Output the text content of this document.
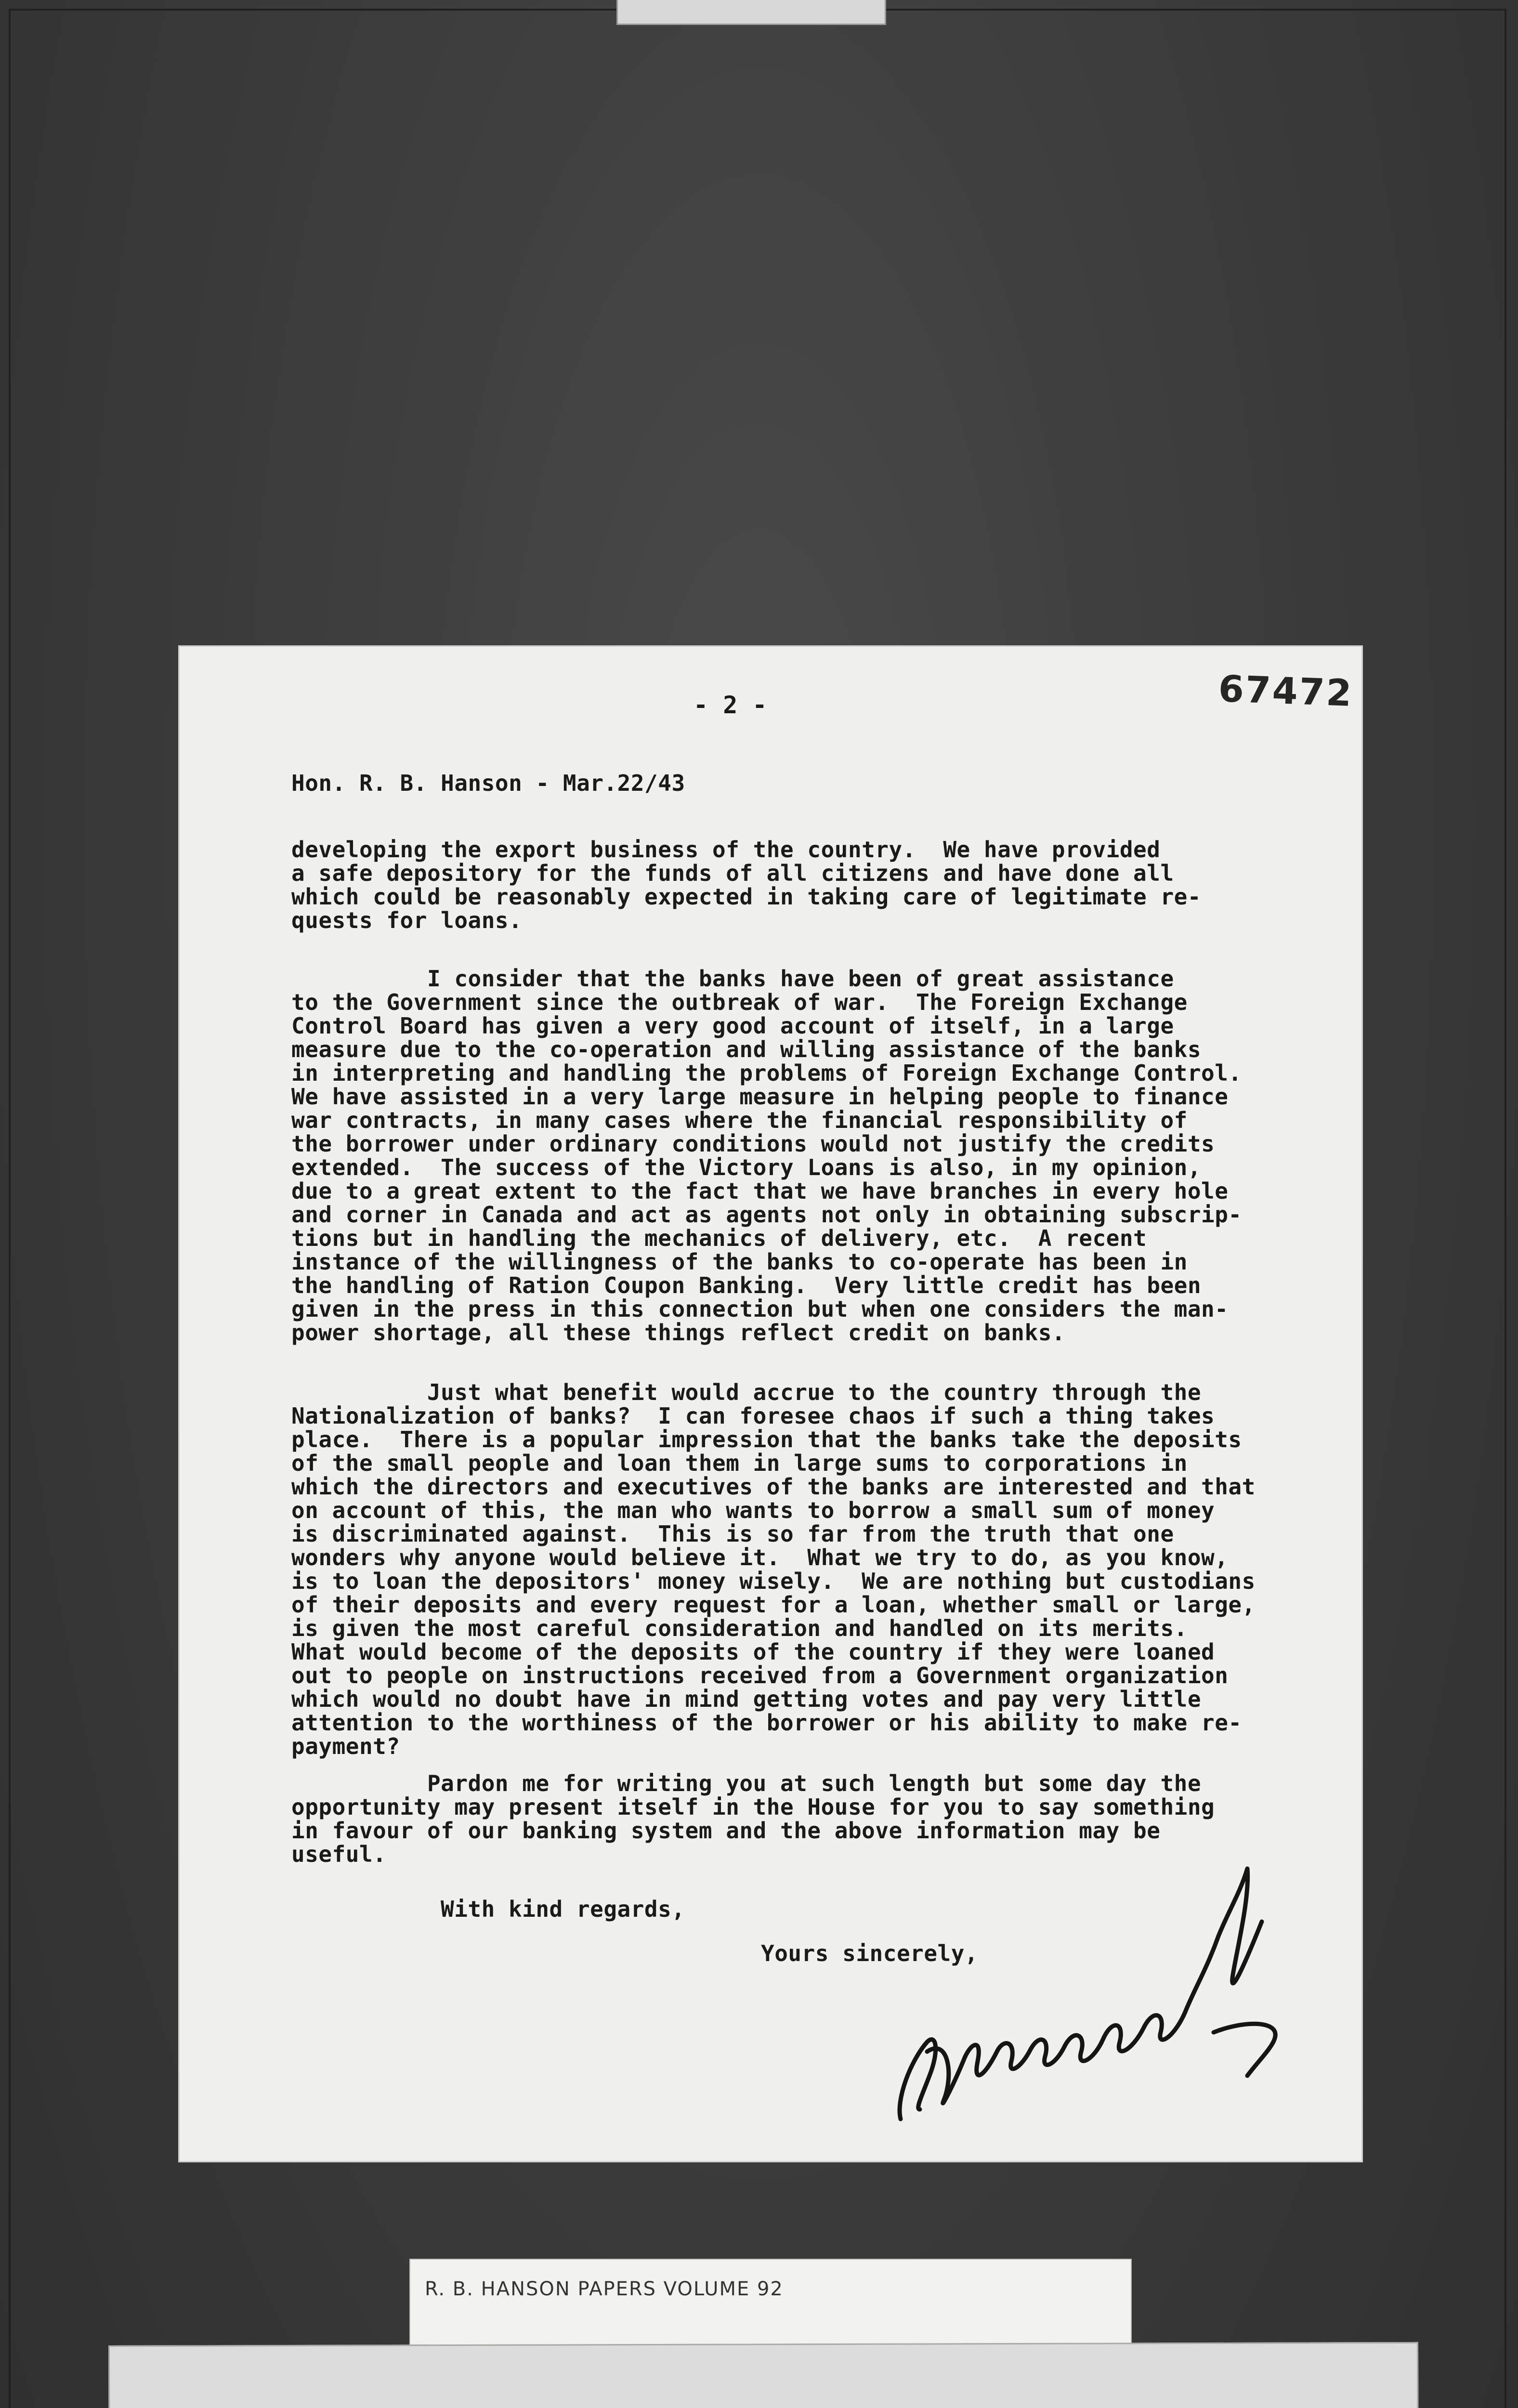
- 2 -	67472
Hon. R. B. Hanson - Mar.22/43
developing the export business of the country.  We have provided
a safe depository for the funds of all citizens and have done all
which could be reasonably expected in taking care of legitimate re-
quests for loans.
I consider that the banks have been of great assistance
to the Government since the outbreak of war.  The Foreign Exchange
Control Board has given a very good account of itself, in a large
measure due to the co-operation and willing assistance of the banks
in interpreting and handling the problems of Foreign Exchange Control.
We have assisted in a very large measure in helping people to finance
war contracts, in many cases where the financial responsibility of
the borrower under ordinary conditions would not justify the credits
extended.  The success of the Victory Loans is also, in my opinion,
due to a great extent to the fact that we have branches in every hole
and corner in Canada and act as agents not only in obtaining subscrip-
tions but in handling the mechanics of delivery, etc.  A recent
instance of the willingness of the banks to co-operate has been in
the handling of Ration Coupon Banking.  Very little credit has been
given in the press in this connection but when one considers the man-
power shortage, all these things reflect credit on banks.
Just what benefit would accrue to the country through the
Nationalization of banks?  I can foresee chaos if such a thing takes
place.  There is a popular impression that the banks take the deposits
of the small people and loan them in large sums to corporations in
which the directors and executives of the banks are interested and that
on account of this, the man who wants to borrow a small sum of money
is discriminated against.  This is so far from the truth that one
wonders why anyone would believe it.  What we try to do, as you know,
is to loan the depositors' money wisely.  We are nothing but custodians
of their deposits and every request for a loan, whether small or large,
is given the most careful consideration and handled on its merits.
What would become of the deposits of the country if they were loaned
out to people on instructions received from a Government organization
which would no doubt have in mind getting votes and pay very little
attention to the worthiness of the borrower or his ability to make re-
payment?
Pardon me for writing you at such length but some day the
opportunity may present itself in the House for you to say something
in favour of our banking system and the above information may be
useful.
With kind regards,
Yours sincerely,
R. B. HANSON PAPERS VOLUME 92
